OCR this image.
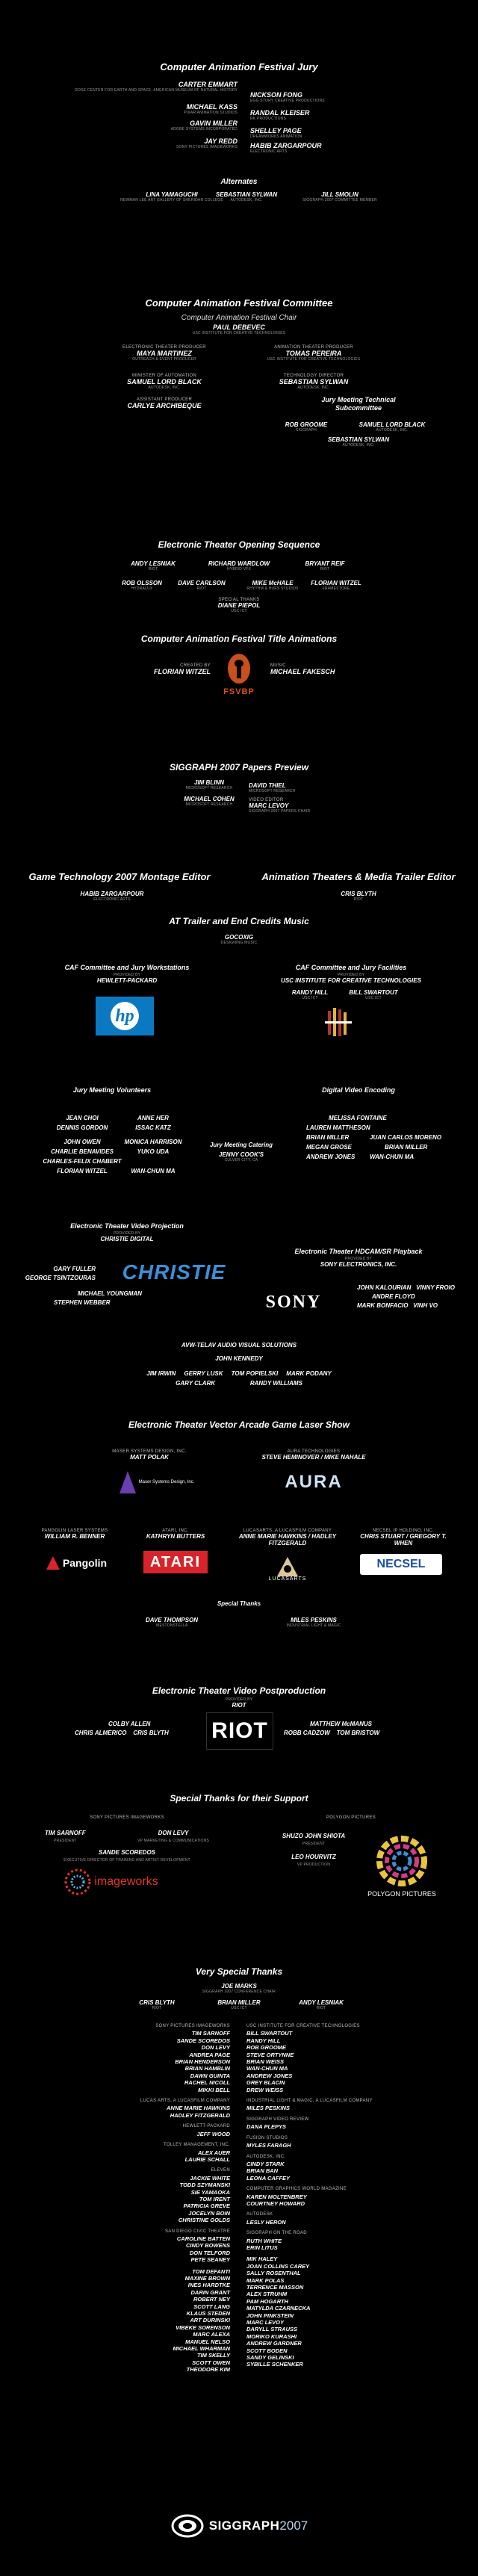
Computer Animation Festival Jury
CARTER EMMART
ROSE CENTER FOR EARTH AND SPACE, AMERICAN MUSEUM OF NATURAL HISTORY
NICKSON FONG
EGG STORY CREATIVE PRODUCTIONS
MICHAEL KASS
PIXAR ANIMATION STUDIOS RANDAL KLEISER
RK PRODUCTIONS
GAVIN MILLER
ADOBE SYSTEMS INCORPORATED SHELLEY PAGE
DREAMWORKS ANIMATION
JAY REDD
SONY PICTURES IMAGEWORKS HABIB ZARGARPOUR
ELECTRONIC ARTS
Alternates
LINA YAMAGUCHI
NEWMAN LEE ART GALLERY OF SHERIDAN COLLEGE
SEBASTIAN SYLWAN
AUTODESK, INC.
JILL SMOLIN
SIGGRAPH 2007 COMMITTEE MEMBER
Computer Animation Festival Committee
Computer Animation Festival Chair
PAUL DEBEVEC
USC INSTITUTE FOR CREATIVE TECHNOLOGIES
ELECTRONIC THEATER PRODUCER
MAYA MARTINEZ
OUTREACH & EVENT PRODUCER
ANIMATION THEATER PRODUCER
TOMAS PEREIRA
USC INSTITUTE FOR CREATIVE TECHNOLOGIES
MINISTER OF AUTOMATION
SAMUEL LORD BLACK
AUTODESK, INC.
TECHNOLOGY DIRECTOR
SEBASTIAN SYLWAN
AUTODESK, INC.
ASSISTANT PRODUCER
CARLYE ARCHIBEQUE
Jury Meeting Technical Subcommittee
ROB GROOME
SIGGRAPH
SAMUEL LORD BLACK
AUTODESK, INC.
SEBASTIAN SYLWAN
AUTODESK, INC.
Electronic Theater Opening Sequence
ANDY LESNIAK
RIOT
RICHARD WARDLOW
HYBRID VFX
BRYANT REIF
RIOT
ROB OLSSON
HYDRALUX
DAVE CARLSON
RIOT
MIKE McHALE
RHYTHM & HUES STUDIOS
FLORIAN WITZEL
FRAMESTORE
SPECIAL THANKS
DIANE PIEPOL
USC ICT
Computer Animation Festival Title Animations
CREATED BY
FLORIAN WITZEL
FSVBP
MUSIC
MICHAEL FAKESCH
SIGGRAPH 2007 Papers Preview
JIM BLINN
MICROSOFT RESEARCH
MICHAEL COHEN
MICROSOFT RESEARCH
DAVID THIEL
MICROSOFT RESEARCH
VIDEO EDITOR
MARC LEVOY
SIGGRAPH 2007 PAPERS CHAIR
Game Technology 2007 Montage Editor
HABIB ZARGARPOUR
ELECTRONIC ARTS
Animation Theaters & Media Trailer Editor
CRIS BLYTH
RIOT
AT Trailer and End Credits Music
GOCOXIG
DESIGNING MUSIC
CAF Committee and Jury Workstations
PROVIDED BY
HEWLETT-PACKARD
hp
CAF Committee and Jury Facilities
PROVIDED BY
USC INSTITUTE FOR CREATIVE TECHNOLOGIES
RANDY HILL
USC ICT
BILL SWARTOUT
USC ICT
Jury Meeting Volunteers
JEAN CHOI
DENNIS GORDON
JOHN OWEN
CHARLIE BENAVIDES
CHARLES-FELIX CHABERT
FLORIAN WITZEL
ANNE HER
ISSAC KATZ
MONICA HARRISON
YUKO UDA
WAN-CHUN MA
Jury Meeting Catering
JENNY COOK'S
CULVER CITY, CA
Digital Video Encoding
MELISSA FONTAINE
LAUREN MATTHESON
BRIAN MILLER
MEGAN GROSE
ANDREW JONES
JUAN CARLOS MORENO
BRIAN MILLER
WAN-CHUN MA
Electronic Theater Video Projection
PROVIDED BY
CHRISTIE DIGITAL
CHRISTIE
GARY FULLER
GEORGE TSINTZOURAS
MICHAEL YOUNGMAN
STEPHEN WEBBER
Electronic Theater HDCAM/SR Playback
PROVIDED BY
SONY ELECTRONICS, INC.
SONY
JOHN KALOURIAN VINNY FROIO
ANDRE FLOYD
MARK BONFACIO VINH VO
AVW-TELAV AUDIO VISUAL SOLUTIONS
JOHN KENNEDY
JIM IRWIN GERRY LUSK TOM POPIELSKI MARK PODANY
GARY CLARK	RANDY WILLIAMS
Electronic Theater Vector Arcade Game Laser Show
MASER SYSTEMS DESIGN, INC.
MATT POLAK
Maser Systems Design, Inc.
AURA TECHNOLOGIES
STEVE HEMINOVER / MIKE NAHALE
AURA
PANGOLIN LASER SYSTEMS
WILLIAM R. BENNER
Pangolin
ATARI, INC.
KATHRYN BUTTERS
ATARI
LUCASARTS, A LUCASFILM COMPANY
ANNE MARIE HAWKINS / HADLEY FITZGERALD
LUCASARTS
NECSEL IP HOLDING, INC.
CHRIS STUART / GREGORY T. WHEN
NECSEL
Special Thanks
DAVE THOMPSON
WESTONSTELLA
MILES PESKINS
INDUSTRIAL LIGHT & MAGIC
Electronic Theater Video Postproduction
PROVIDED BY
RIOT
RIOT
COLBY ALLEN
CHRIS ALMERICO CRIS BLYTH
MATTHEW McMANUS
ROBB CADZOW TOM BRISTOW
Special Thanks for their Support
SONY PICTURES IMAGEWORKS
TIM SARNOFF
PRESIDENT
DON LEVY
VP MARKETING & COMMUNICATIONS
SANDE SCOREDOS
EXECUTIVE DIRECTOR OF TRAINING AND ARTIST DEVELOPMENT
imageworks
POLYGON PICTURES
SHUZO JOHN SHIOTA
PRESIDENT
LEO HOURVITZ
VP PRODUCTION
POLYGON PICTURES
Very Special Thanks
JOE MARKS
SIGGRAPH 2007 CONFERENCE CHAIR
CRIS BLYTH
RIOT
BRIAN MILLER
USC ICT
ANDY LESNIAK
RIOT
SONY PICTURES IMAGEWORKS
TIM SARNOFF
SANDE SCOREDOS
DON LEVY
ANDREA PAGE
BRIAN HENDERSON
BRIAN HAMBLIN
DAWN GUINTA
RACHEL NICOLL
MIKKI BELL
LUCAS ARTS, A LUCASFILM COMPANY
ANNE MARIE HAWKINS
HADLEY FITZGERALD
HEWLETT-PACKARD
JEFF WOOD
TOLLEY MANAGEMENT, INC.
ALEX AUER
LAURIE SCHALL
ELEVEN
JACKIE WHITE
TODD SZYMANSKI
SIE YAMAOKA
TOM IRENT
PATRICIA GREVE
JOCELYN BOIN
CHRISTINE GOLDS
SAN DIEGO CIVIC THEATRE
CAROLINE BATTEN
CINDY BOWENS
DON TELFORD
PETE SEANEY
TOM DEFANTI
MAXINE BROWN
INES HARDTKE
DARIN GRANT
ROBERT NEY
SCOTT LANG
KLAUS STEDEN
ART DURINSKI
VIBEKE SORENSON
MARC ALEXA
MANUEL NELSO
MICHAEL WHARMAN
TIM SKELLY
SCOTT OWEN
THEODORE KIM
USC INSTITUTE FOR CREATIVE TECHNOLOGIES
BILL SWARTOUT
RANDY HILL
ROB GROOME
STEVE ORTYNNE
BRIAN WEISS
WAN-CHUN MA
ANDREW JONES
GREY BLACIN
DREW WEISS
INDUSTRIAL LIGHT & MAGIC, A LUCASFILM COMPANY
MILES PESKINS
SIGGRAPH VIDEO REVIEW
DANA PLEPYS
FUSION STUDIOS
MYLES FARAGH
AUTODESK, INC.
CINDY STARK
BRIAN BAN
LEONA CAFFEY
COMPUTER GRAPHICS WORLD MAGAZINE
KAREN MOLTENBREY
COURTNEY HOWARD
AUTODESK
LESLY HERON
SIGGRAPH ON THE ROAD
RUTH WHITE
ERIN LITUS
MIK HALEY
JOAN COLLINS CAREY
SALLY ROSENTHAL
MARK POLAS
TERRENCE MASSON
ALEX STRUHM
PAM HOGARTH
MATYLDA CZARNECKA
JOHN PINKSTEIN
MARC LEVOY
DARYLL STRAUSS
MORIKO KURASHI
ANDREW GARDNER
SCOTT BODEN
SANDY GELINSKI
SYBILLE SCHENKER
SIGGRAPH 2007
